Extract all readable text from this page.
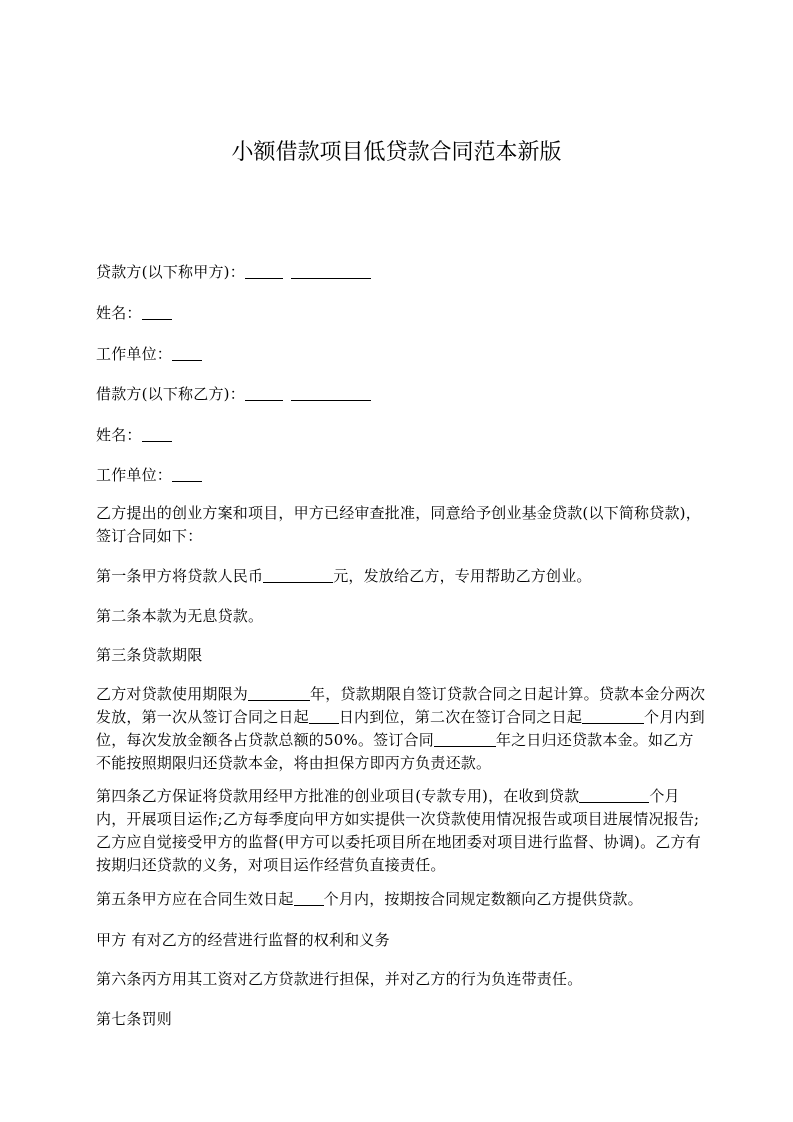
小额借款项目低贷款合同范本新版

贷款方(以下称甲方)：

姓名：

工作单位：

借款方(以下称乙方)：

姓名：

工作单位：

乙方提出的创业方案和项目，甲方已经审查批准，同意给予创业基金贷款(以下简称贷款)，签订合同如下：

第一条甲方将贷款人民币	元，发放给乙方，专用帮助乙方创业。

第二条本款为无息贷款。

第三条贷款期限

乙方对贷款使用期限为	年，贷款期限自签订贷款合同之日起计算。贷款本金分两次发放，第一次从签订合同之日起 日内到位，第二次在签订合同之日起	个月内到位，每次发放金额各占贷款总额的50%。签订合同	年之日归还贷款本金。如乙方不能按照期限归还贷款本金，将由担保方即丙方负责还款。

第四条乙方保证将贷款用经甲方批准的创业项目(专款专用)，在收到贷款	个月内，开展项目运作;乙方每季度向甲方如实提供一次贷款使用情况报告或项目进展情况报告;乙方应自觉接受甲方的监督(甲方可以委托项目所在地团委对项目进行监督、协调)。乙方有按期归还贷款的义务，对项目运作经营负直接责任。

第五条甲方应在合同生效日起 个月内，按期按合同规定数额向乙方提供贷款。

甲方 有对乙方的经营进行监督的权利和义务

第六条丙方用其工资对乙方贷款进行担保，并对乙方的行为负连带责任。

第七条罚则
